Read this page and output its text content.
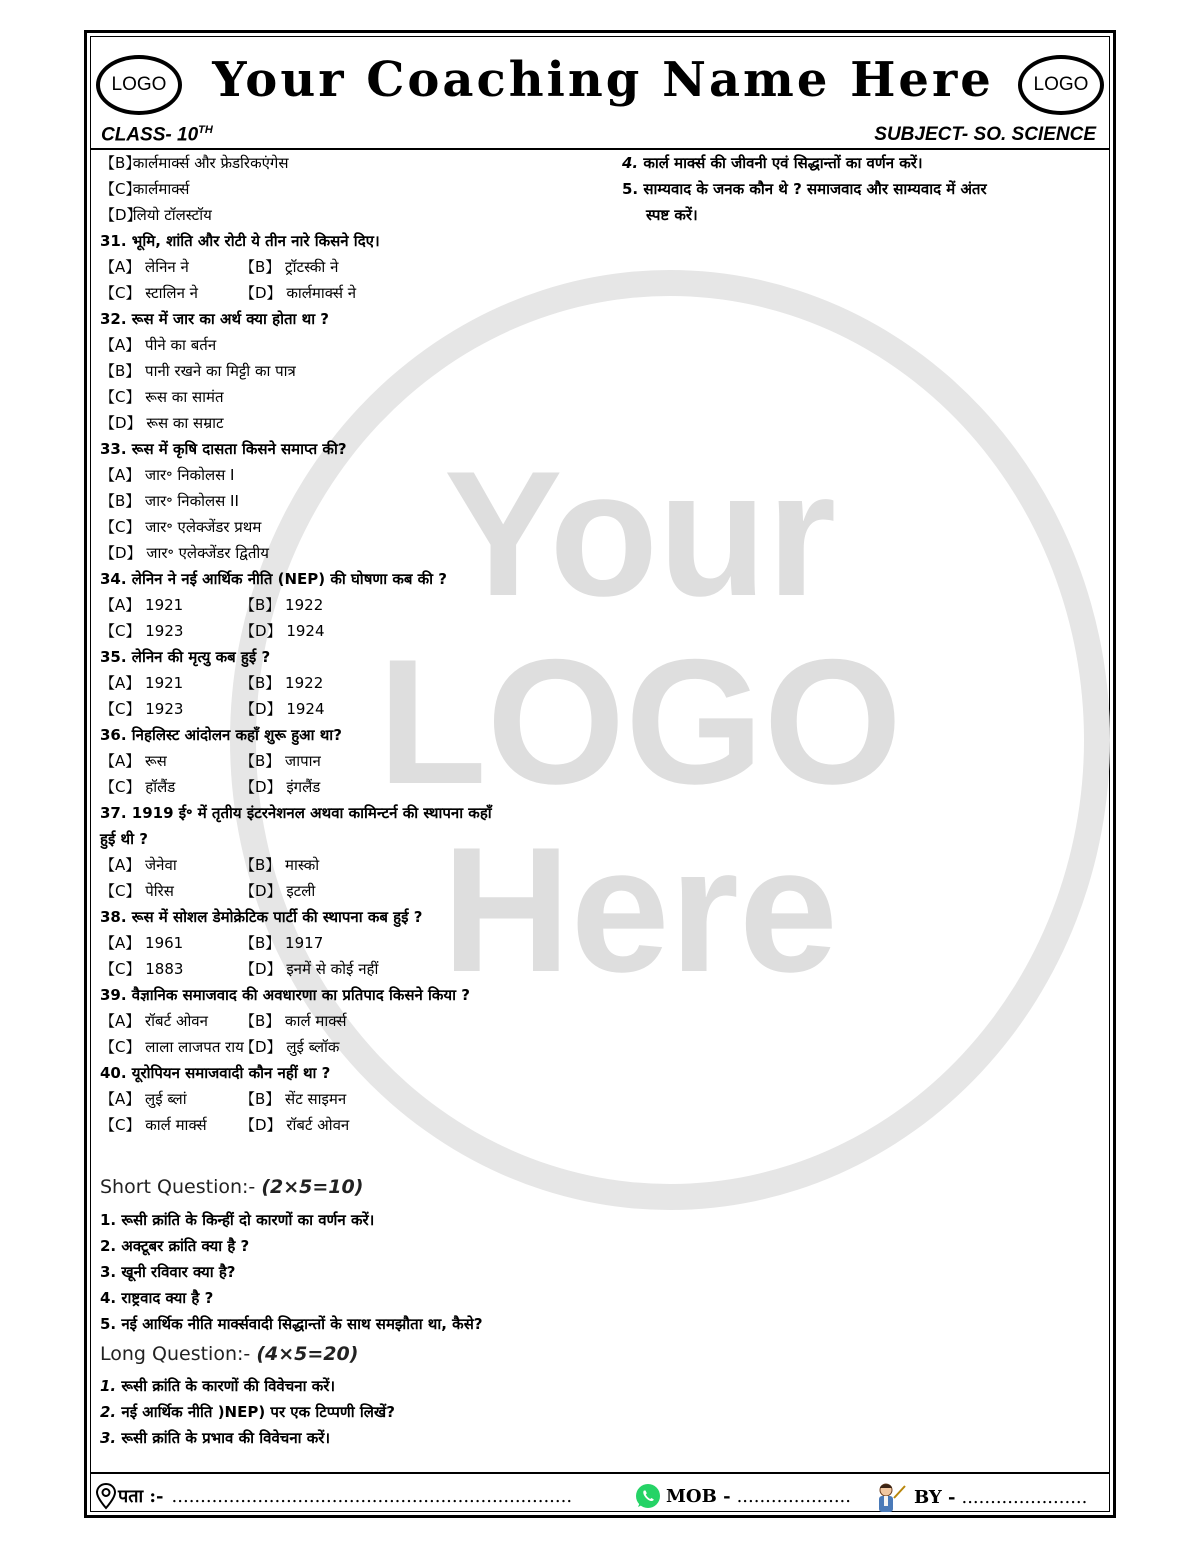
Your
LOGO
Here
LOGO Your Coaching Name Here	LOGO
CLASS- 10TH	SUBJECT- SO. SCIENCE
【B】 कार्लमार्क्स और फ्रेडरिकएंगेस
【C】 कार्लमार्क्स
【D】 लियो टॉलस्टॉय
31. भूमि, शांति और रोटी ये तीन नारे किसने दिए।
【A】 लेनिन ने	【B】 ट्रॉटस्की ने
【C】 स्टालिन ने	【D】 कार्लमार्क्स ने
32. रूस में जार का अर्थ क्या होता था ?
【A】 पीने का बर्तन
【B】 पानी रखने का मिट्टी का पात्र
【C】 रूस का सामंत
【D】 रूस का सम्राट
33. रूस में कृषि दासता किसने समाप्त की?
【A】 जार॰ निकोलस I
【B】 जार॰ निकोलस II
【C】 जार॰ एलेक्जेंडर प्रथम
【D】 जार॰ एलेक्जेंडर द्वितीय
34. लेनिन ने नई आर्थिक नीति (NEP) की घोषणा कब की ?
【A】 1921	【B】 1922
【C】 1923	【D】 1924
35. लेनिन की मृत्यु कब हुई ?
【A】 1921	【B】 1922
【C】 1923	【D】 1924
36. निहलिस्ट आंदोलन कहाँ शुरू हुआ था?
【A】 रूस	【B】 जापान
【C】 हॉलैंड	【D】 इंगलैंड
37. 1919 ई॰ में तृतीय इंटरनेशनल अथवा कामिन्टर्न की स्थापना कहाँ
हुई थी ?
【A】 जेनेवा	【B】 मास्को
【C】 पेरिस	【D】 इटली
38. रूस में सोशल डेमोक्रेटिक पार्टी की स्थापना कब हुई ?
【A】 1961	【B】 1917
【C】 1883	【D】 इनमें से कोई नहीं
39. वैज्ञानिक समाजवाद की अवधारणा का प्रतिपाद किसने किया ?
【A】 रॉबर्ट ओवन 【B】 कार्ल मार्क्स
【C】 लाला लाजपत राय【D】 लुई ब्लॉक
40. यूरोपियन समाजवादी कौन नहीं था ?
【A】 लुई ब्लां	【B】 सेंट साइमन
【C】 कार्ल मार्क्स 【D】 रॉबर्ट ओवन
4. कार्ल मार्क्स की जीवनी एवं सिद्धान्तों का वर्णन करें।
5. साम्यवाद के जनक कौन थे ? समाजवाद और साम्यवाद में अंतर
स्पष्ट करें।
Short Question:- (2×5=10)
1. रूसी क्रांति के किन्हीं दो कारणों का वर्णन करें।
2. अक्टूबर क्रांति क्या है ?
3. खूनी रविवार क्या है?
4. राष्ट्रवाद क्या है ?
5. नई आर्थिक नीति मार्क्सवादी सिद्धान्तों के साथ समझौता था, कैसे?
Long Question:- (4×5=20)
1. रूसी क्रांति के कारणों की विवेचना करें।
2. नई आर्थिक नीति )NEP) पर एक टिप्पणी लिखें?
3. रूसी क्रांति के प्रभाव की विवेचना करें।
पता :- ......................................................................	MOB - ....................	BY - ......................
